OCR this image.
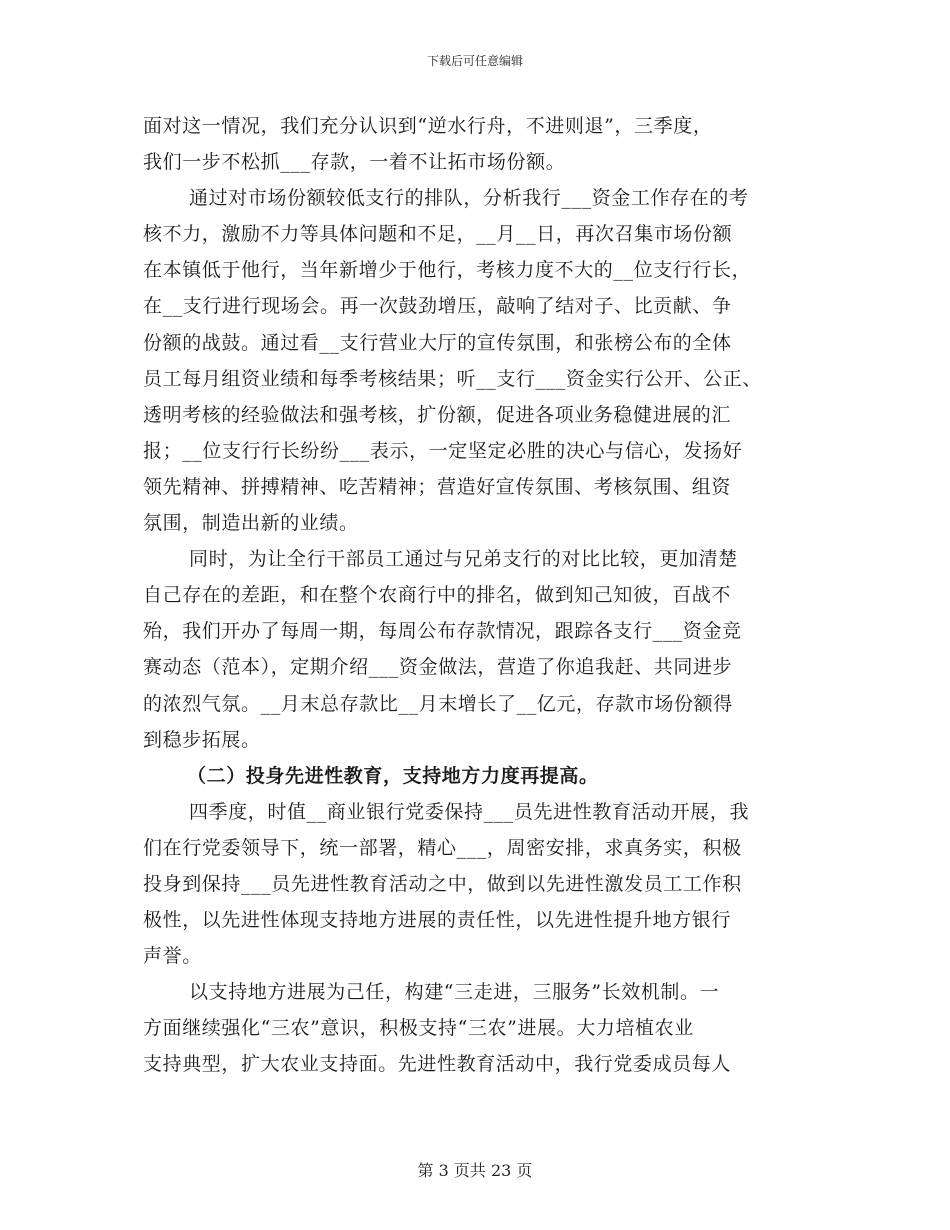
下载后可任意编辑
面对这一情况，我们充分认识到“逆水行舟，不进则退”，三季度，
我们一步不松抓___存款，一着不让拓市场份额。
通过对市场份额较低支行的排队，分析我行___资金工作存在的考
核不力，激励不力等具体问题和不足，__月__日，再次召集市场份额
在本镇低于他行，当年新增少于他行，考核力度不大的__位支行行长，
在__支行进行现场会。再一次鼓劲增压，敲响了结对子、比贡献、争
份额的战鼓。通过看__支行营业大厅的宣传氛围，和张榜公布的全体
员工每月组资业绩和每季考核结果；听__支行___资金实行公开、公正、
透明考核的经验做法和强考核，扩份额，促进各项业务稳健进展的汇
报；__位支行行长纷纷___表示，一定坚定必胜的决心与信心，发扬好
领先精神、拼搏精神、吃苦精神；营造好宣传氛围、考核氛围、组资
氛围，制造出新的业绩。
同时，为让全行干部员工通过与兄弟支行的对比比较，更加清楚
自己存在的差距，和在整个农商行中的排名，做到知己知彼，百战不
殆，我们开办了每周一期，每周公布存款情况，跟踪各支行___资金竞
赛动态（范本），定期介绍___资金做法，营造了你追我赶、共同进步
的浓烈气氛。__月末总存款比__月末增长了__亿元，存款市场份额得
到稳步拓展。
（二）投身先进性教育，支持地方力度再提高。
四季度，时值__商业银行党委保持___员先进性教育活动开展，我
们在行党委领导下，统一部署，精心___，周密安排，求真务实，积极
投身到保持___员先进性教育活动之中，做到以先进性激发员工工作积
极性，以先进性体现支持地方进展的责任性，以先进性提升地方银行
声誉。
以支持地方进展为己任，构建“三走进，三服务”长效机制。一
方面继续强化“三农”意识，积极支持“三农”进展。大力培植农业
支持典型，扩大农业支持面。先进性教育活动中，我行党委成员每人
第 3 页共 23 页
